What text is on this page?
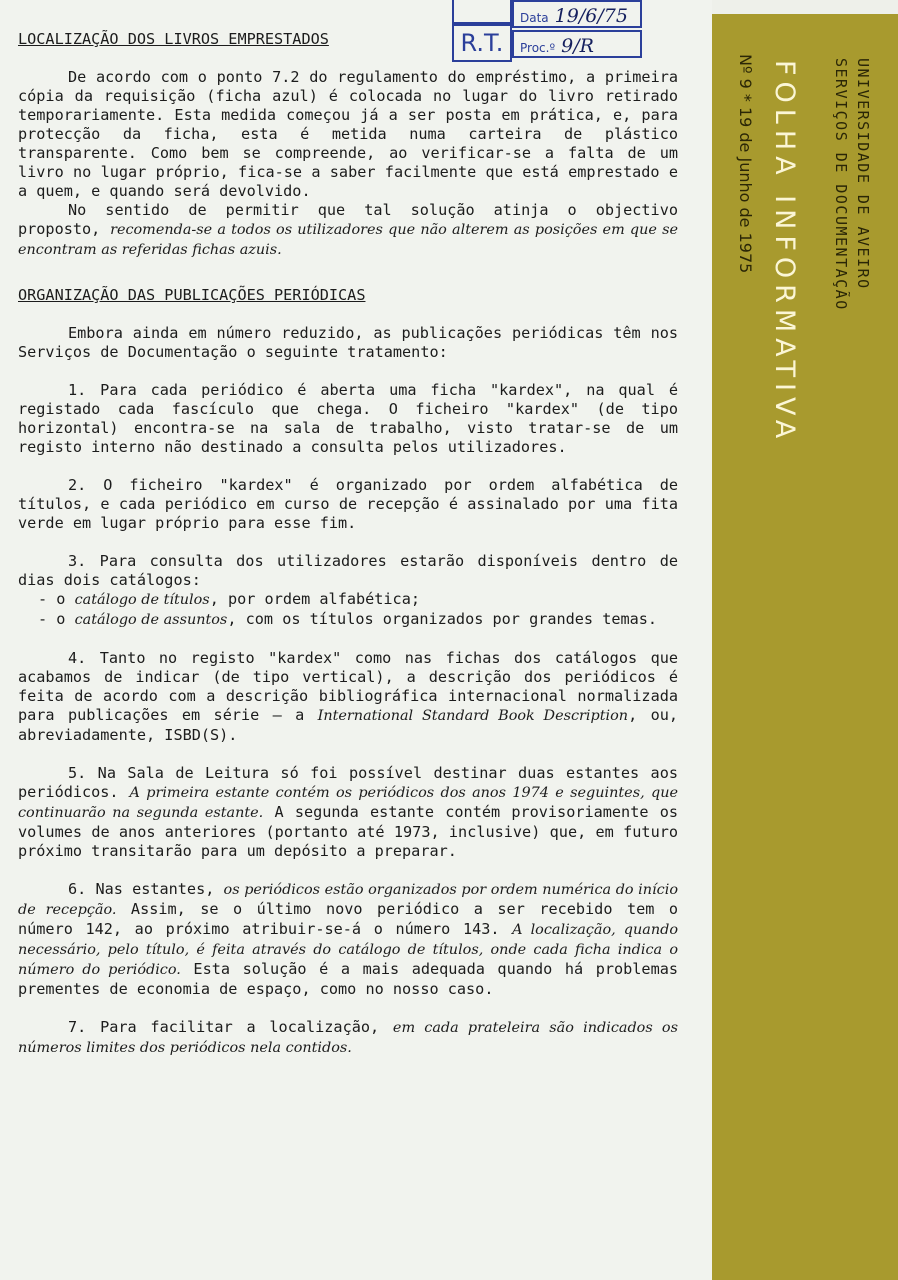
UNIVERSIDADE DE AVEIRO
SERVIÇOS DE DOCUMENTAÇÃO
FOLHA INFORMATIVA
Nº 9 * 19 de Junho de 1975
R.T.
Data 19/6/75
Proc.º 9/R
LOCALIZAÇÃO DOS LIVROS EMPRESTADOS

De acordo com o ponto 7.2 do regulamento do empréstimo, a primeira cópia da requisição (ficha azul) é colocada no lugar do livro retirado temporariamente. Esta medida começou já a ser posta em prática, e, para protecção da ficha, esta é metida numa carteira de plástico transparente. Como bem se compreende, ao verificar-se a falta de um livro no lugar próprio, fica-se a saber facilmente que está emprestado e a quem, e quando será devolvido.

No sentido de permitir que tal solução atinja o objectivo proposto, recomenda-se a todos os utilizadores que não alterem as posições em que se encontram as referidas fichas azuis.

ORGANIZAÇÃO DAS PUBLICAÇÕES PERIÓDICAS

Embora ainda em número reduzido, as publicações periódicas têm nos Serviços de Documentação o seguinte tratamento:

1. Para cada periódico é aberta uma ficha "kardex", na qual é registado cada fascículo que chega. O ficheiro "kardex" (de tipo horizontal) encontra-se na sala de trabalho, visto tratar-se de um registo interno não destinado a consulta pelos utilizadores.

2. O ficheiro "kardex" é organizado por ordem alfabética de títulos, e cada periódico em curso de recepção é assinalado por uma fita verde em lugar próprio para esse fim.

3. Para consulta dos utilizadores estarão disponíveis dentro de dias dois catálogos:

- o catálogo de títulos, por ordem alfabética;
- o catálogo de assuntos, com os títulos organizados por grandes temas.

4. Tanto no registo "kardex" como nas fichas dos catálogos que acabamos de indicar (de tipo vertical), a descrição dos periódicos é feita de acordo com a descrição bibliográfica internacional normalizada para publicações em série — a International Standard Book Description, ou, abreviadamente, ISBD(S).

5. Na Sala de Leitura só foi possível destinar duas estantes aos periódicos. A primeira estante contém os periódicos dos anos 1974 e seguintes, que continuarão na segunda estante. A segunda estante contém provisoriamente os volumes de anos anteriores (portanto até 1973, inclusive) que, em futuro próximo transitarão para um depósito a preparar.

6. Nas estantes, os periódicos estão organizados por ordem numérica do início de recepção. Assim, se o último novo periódico a ser recebido tem o número 142, ao próximo atribuir-se-á o número 143. A localização, quando necessário, pelo título, é feita através do catálogo de títulos, onde cada ficha indica o número do periódico. Esta solução é a mais adequada quando há problemas prementes de economia de espaço, como no nosso caso.

7. Para facilitar a localização, em cada prateleira são indicados os números limites dos periódicos nela contidos.
